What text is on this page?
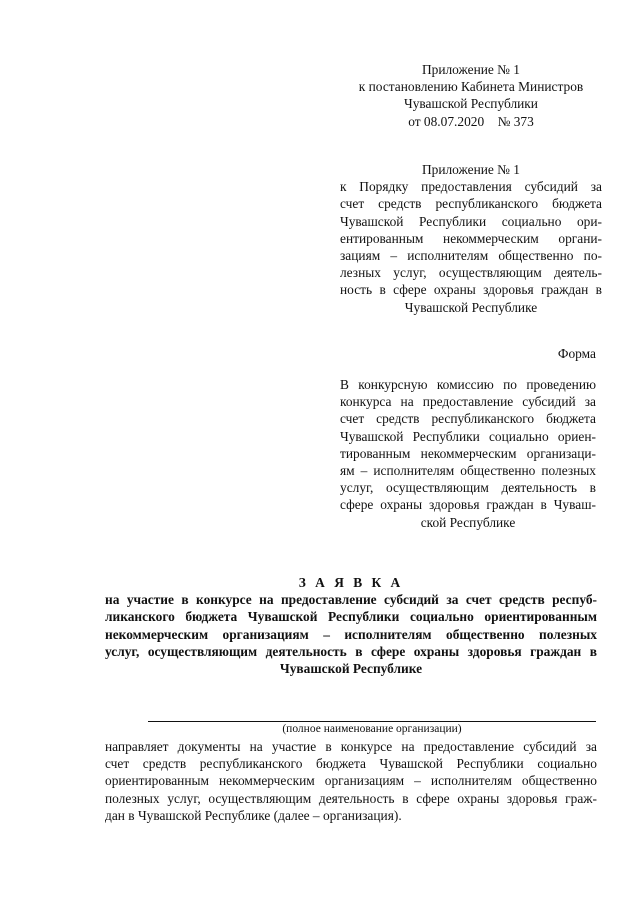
Приложение № 1
к постановлению Кабинета Министров
Чувашской Республики
от 08.07.2020    № 373
Приложение № 1
к Порядку предоставления субсидий за
счет средств республиканского бюджета
Чувашской Республики социально ори-
ентированным некоммерческим органи-
зациям – исполнителям общественно по-
лезных услуг, осуществляющим деятель-
ность в сфере охраны здоровья граждан в
Чувашской Республике
Форма
В конкурсную комиссию по проведению
конкурса на предоставление субсидий за
счет средств республиканского бюджета
Чувашской Республики социально ориен-
тированным некоммерческим организаци-
ям – исполнителям общественно полезных
услуг, осуществляющим деятельность в
сфере охраны здоровья граждан в Чуваш-
ской Республике
З А Я В К А
на участие в конкурсе на предоставление субсидий за счет средств респуб-
ликанского бюджета Чувашской Республики социально ориентированным
некоммерческим организациям – исполнителям общественно полезных
услуг, осуществляющим деятельность в сфере охраны здоровья граждан в
Чувашской Республике
(полное наименование организации)
направляет документы на участие в конкурсе на предоставление субсидий за
счет средств республиканского бюджета Чувашской Республики социально
ориентированным некоммерческим организациям – исполнителям общественно
полезных услуг, осуществляющим деятельность в сфере охраны здоровья граж-
дан в Чувашской Республике (далее – организация).
